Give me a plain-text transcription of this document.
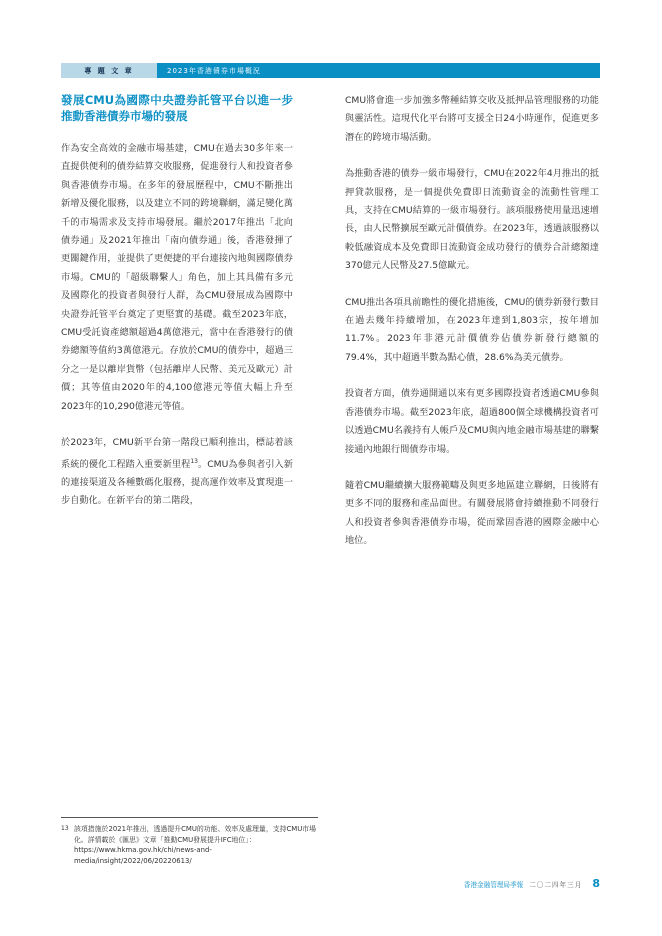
專 題 文 章	2023年香港債券市場概況
發展CMU為國際中央證券託管平台以進一步推動香港債券市場的發展

作為安全高效的金融市場基建，CMU在過去30多年來一直提供便利的債券結算交收服務，促進發行人和投資者參與香港債券市場。在多年的發展歷程中，CMU不斷推出新增及優化服務，以及建立不同的跨境聯網，滿足變化萬千的市場需求及支持市場發展。繼於2017年推出「北向債券通」及2021年推出「南向債券通」後，香港發揮了更關鍵作用，並提供了更便捷的平台連接內地與國際債券市場。CMU的「超級聯繫人」角色，加上其具備有多元及國際化的投資者與發行人群，為CMU發展成為國際中央證券託管平台奠定了更堅實的基礎。截至2023年底，CMU受託資產總額超過4萬億港元，當中在香港發行的債券總額等值約3萬億港元。存放於CMU的債券中，超過三分之一是以離岸貨幣（包括離岸人民幣、美元及歐元）計價；其等值由2020年的4,100億港元等值大幅上升至2023年的10,290億港元等值。

於2023年，CMU新平台第一階段已順利推出，標誌着該系統的優化工程踏入重要新里程$^{13}$。CMU為參與者引入新的連接渠道及各種數碼化服務，提高運作效率及實現進一步自動化。在新平台的第二階段，

CMU將會進一步加強多幣種結算交收及抵押品管理服務的功能與靈活性。這現代化平台將可支援全日24小時運作，促進更多潛在的跨境市場活動。

為推動香港的債券一級市場發行，CMU在2022年4月推出的抵押貸款服務，是一個提供免費即日流動資金的流動性管理工具，支持在CMU結算的一級市場發行。該項服務使用量迅速增長，由人民幣擴展至歐元計價債券。在2023年，透過該服務以較低融資成本及免費即日流動資金成功發行的債券合計總額達370億元人民幣及27.5億歐元。

CMU推出各項具前瞻性的優化措施後，CMU的債券新發行數目在過去幾年持續增加，在2023年達到1,803宗，按年增加11.7%。2023年非港元計價債券佔債券新發行總額的79.4%，其中超過半數為點心債，28.6%為美元債券。

投資者方面，債券通開通以來有更多國際投資者透過CMU參與香港債券市場。截至2023年底，超過800個全球機構投資者可以透過CMU名義持有人帳戶及CMU與內地金融市場基建的聯繫接通內地銀行間債券市場。

隨着CMU繼續擴大服務範疇及與更多地區建立聯網，日後將有更多不同的服務和產品面世。有關發展將會持續推動不同發行人和投資者參與香港債券市場，從而鞏固香港的國際金融中心地位。

13 該項措施於2021年推出，透過提升CMU的功能、效率及處理量，支持CMU市場化。詳情載於《匯思》文章「推動CMU發展提升IFC地位」：https://www.hkma.gov.hk/chi/news-and-media/insight/2022/06/20220613/
香港金融管理局季報 二〇二四年三月 8
